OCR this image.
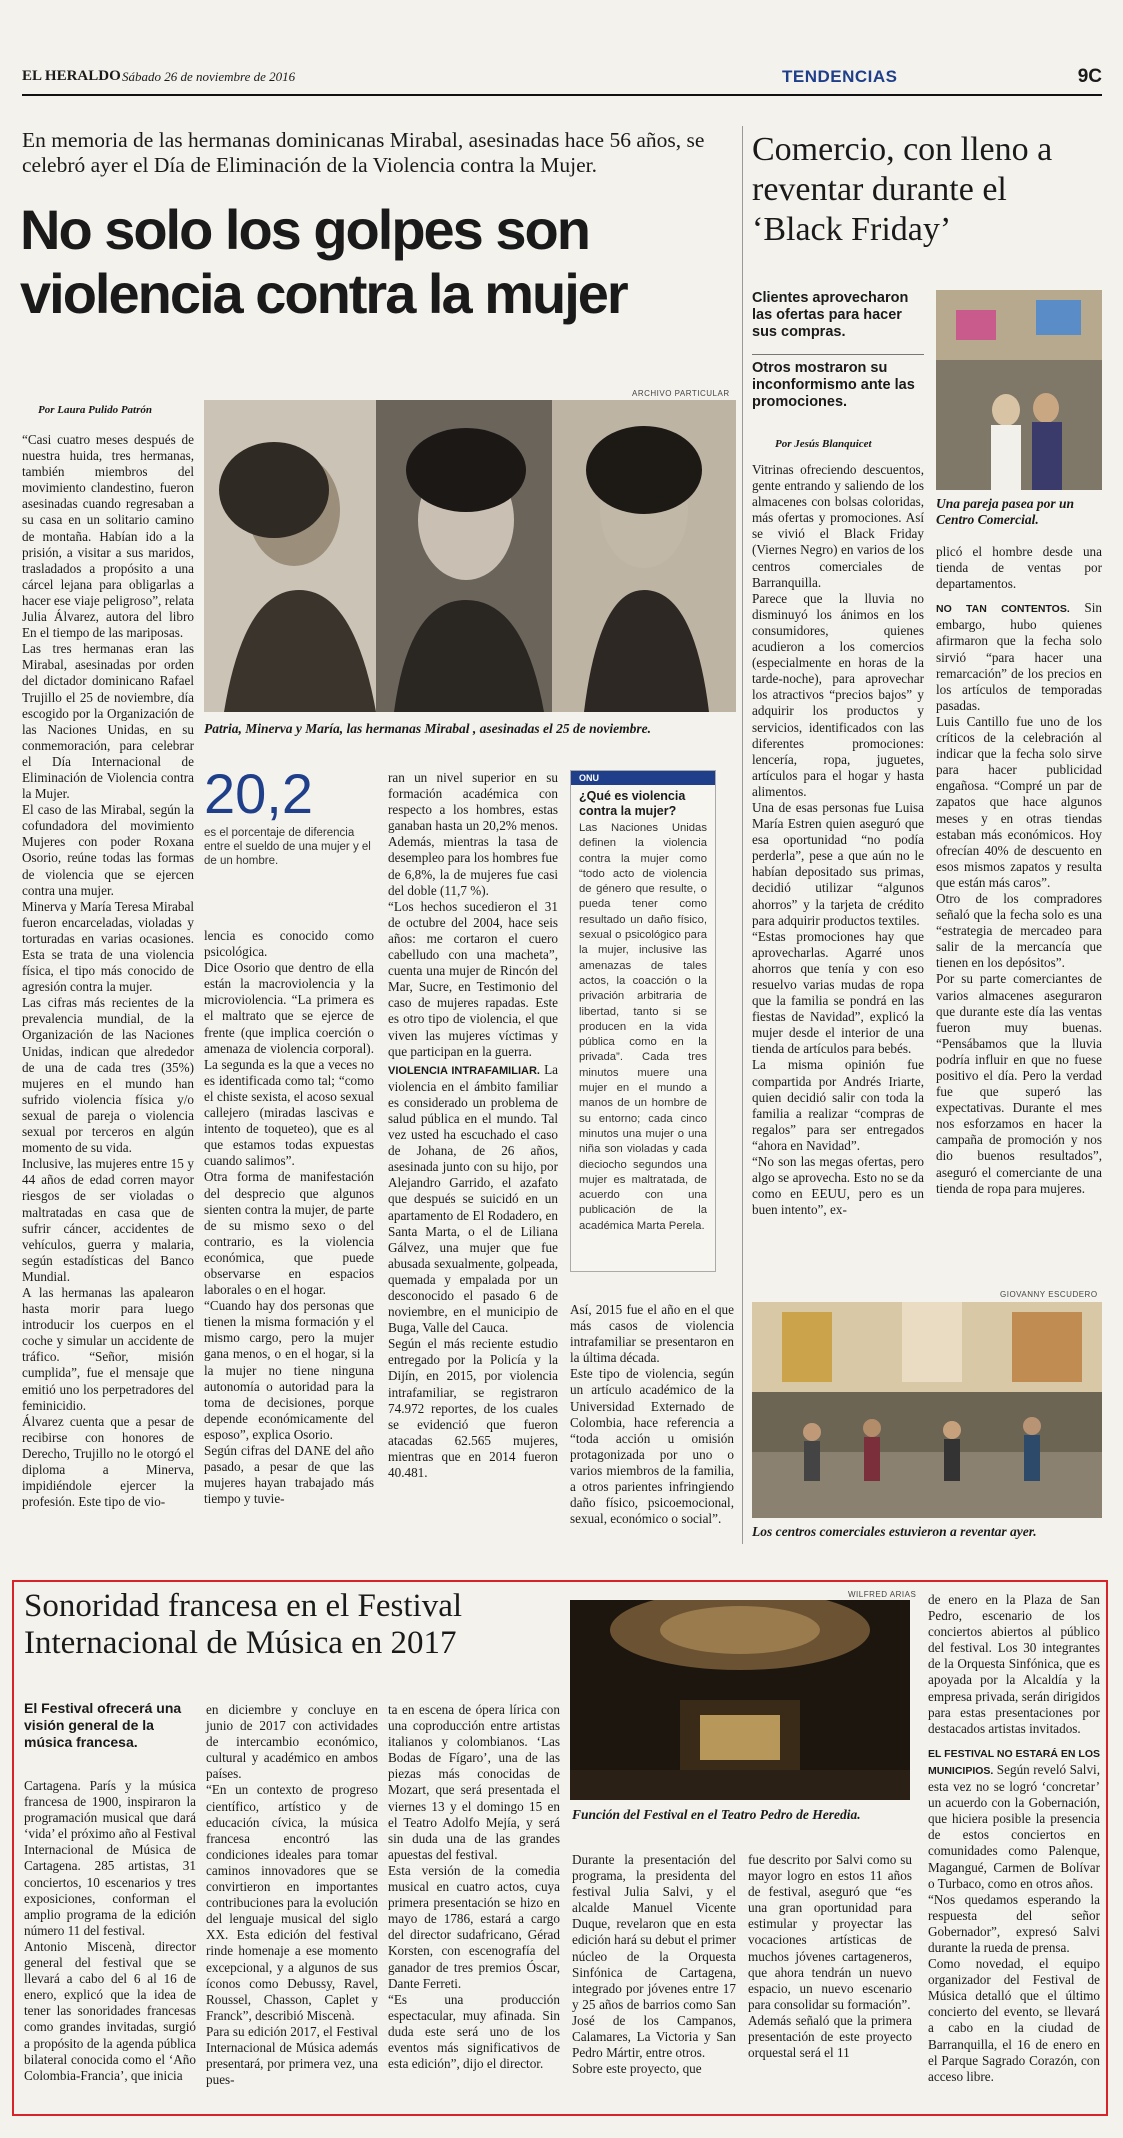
EL HERALDO Sábado 26 de noviembre de 2016	TENDENCIAS	9C
En memoria de las hermanas dominicanas Mirabal, asesinadas hace 56 años, se celebró ayer el Día de Eliminación de la Violencia contra la Mujer.
No solo los golpes son violencia contra la mujer
Por Laura Pulido Patrón
ARCHIVO PARTICULAR
Patria, Minerva y María, las hermanas Mirabal , asesinadas el 25 de noviembre.
“Casi cuatro meses después de nuestra huida, tres hermanas, también miembros del movimiento clandestino, fueron asesinadas cuando regresaban a su casa en un solitario camino de montaña. Habían ido a la prisión, a visitar a sus maridos, trasladados a propósito a una cárcel lejana para obligarlas a hacer ese viaje peligroso”, relata Julia Álvarez, autora del libro En el tiempo de las mariposas.
Las tres hermanas eran las Mirabal, asesinadas por orden del dictador dominicano Rafael Trujillo el 25 de noviembre, día escogido por la Organización de las Naciones Unidas, en su conmemoración, para celebrar el Día Internacional de Eliminación de Violencia contra la Mujer.
El caso de las Mirabal, según la cofundadora del movimiento Mujeres con poder Roxana Osorio, reúne todas las formas de violencia que se ejercen contra una mujer.
Minerva y María Teresa Mirabal fueron encarceladas, violadas y torturadas en varias ocasiones. Esta se trata de una violencia física, el tipo más conocido de agresión contra la mujer.
Las cifras más recientes de la prevalencia mundial, de la Organización de las Naciones Unidas, indican que alrededor de una de cada tres (35%) mujeres en el mundo han sufrido violencia física y/o sexual de pareja o violencia sexual por terceros en algún momento de su vida.
Inclusive, las mujeres entre 15 y 44 años de edad corren mayor riesgos de ser violadas o maltratadas en casa que de sufrir cáncer, accidentes de vehículos, guerra y malaria, según estadísticas del Banco Mundial.
A las hermanas las apalearon hasta morir para luego introducir los cuerpos en el coche y simular un accidente de tráfico. “Señor, misión cumplida”, fue el mensaje que emitió uno los perpetradores del feminicidio.
Álvarez cuenta que a pesar de recibirse con honores de Derecho, Trujillo no le otorgó el diploma a Minerva, impidiéndole ejercer la profesión. Este tipo de vio-
20,2
es el porcentaje de diferencia entre el sueldo de una mujer y el de un hombre.
lencia es conocido como psicológica.
Dice Osorio que dentro de ella están la macroviolencia y la microviolencia. “La primera es el maltrato que se ejerce de frente (que implica coerción o amenaza de violencia corporal). La segunda es la que a veces no es identificada como tal; “como el chiste sexista, el acoso sexual callejero (miradas lascivas e intento de toqueteo), que es al que estamos todas expuestas cuando salimos”.
Otra forma de manifestación del desprecio que algunos sienten contra la mujer, de parte de su mismo sexo o del contrario, es la violencia económica, que puede observarse en espacios laborales o en el hogar.
“Cuando hay dos personas que tienen la misma formación y el mismo cargo, pero la mujer gana menos, o en el hogar, si la la mujer no tiene ninguna autonomía o autoridad para la toma de decisiones, porque depende económicamente del esposo”, explica Osorio.
Según cifras del DANE del año pasado, a pesar de que las mujeres hayan trabajado más tiempo y tuvie-
ran un nivel superior en su formación académica con respecto a los hombres, estas ganaban hasta un 20,2% menos. Además, mientras la tasa de desempleo para los hombres fue de 6,8%, la de mujeres fue casi del doble (11,7 %).
“Los hechos sucedieron el 31 de octubre del 2004, hace seis años: me cortaron el cuero cabelludo con una macheta”, cuenta una mujer de Rincón del Mar, Sucre, en Testimonio del caso de mujeres rapadas. Este es otro tipo de violencia, el que viven las mujeres víctimas y que participan en la guerra.
VIOLENCIA INTRAFAMILIAR. La violencia en el ámbito familiar es considerado un problema de salud pública en el mundo. Tal vez usted ha escuchado el caso de Johana, de 26 años, asesinada junto con su hijo, por Alejandro Garrido, el azafato que después se suicidó en un apartamento de El Rodadero, en Santa Marta, o el de Liliana Gálvez, una mujer que fue abusada sexualmente, golpeada, quemada y empalada por un desconocido el pasado 6 de noviembre, en el municipio de Buga, Valle del Cauca.
Según el más reciente estudio entregado por la Policía y la Dijín, en 2015, por violencia intrafamiliar, se registraron 74.972 reportes, de los cuales se evidenció que fueron atacadas 62.565 mujeres, mientras que en 2014 fueron 40.481.
ONU
¿Qué es violencia contra la mujer?
Las Naciones Unidas definen la violencia contra la mujer como “todo acto de violencia de género que resulte, o pueda tener como resultado un daño físico, sexual o psicológico para la mujer, inclusive las amenazas de tales actos, la coacción o la privación arbitraria de libertad, tanto si se producen en la vida pública como en la privada”. Cada tres minutos muere una mujer en el mundo a manos de un hombre de su entorno; cada cinco minutos una mujer o una niña son violadas y cada dieciocho segundos una mujer es maltratada, de acuerdo con una publicación de la académica Marta Perela.
Así, 2015 fue el año en el que más casos de violencia intrafamiliar se presentaron en la última década.
Este tipo de violencia, según un artículo académico de la Universidad Externado de Colombia, hace referencia a “toda acción u omisión protagonizada por uno o varios miembros de la familia, a otros parientes infringiendo daño físico, psicoemocional, sexual, económico o social”.
Comercio, con lleno a reventar durante el ‘Black Friday’
Clientes aprovecharon las ofertas para hacer sus compras.
Otros mostraron su inconformismo ante las promociones.
Por Jesús Blanquicet
Una pareja pasea por un Centro Comercial.
Vitrinas ofreciendo descuentos, gente entrando y saliendo de los almacenes con bolsas coloridas, más ofertas y promociones. Así se vivió el Black Friday (Viernes Negro) en varios de los centros comerciales de Barranquilla.
Parece que la lluvia no disminuyó los ánimos en los consumidores, quienes acudieron a los comercios (especialmente en horas de la tarde-noche), para aprovechar los atractivos “precios bajos” y adquirir los productos y servicios, identificados con las diferentes promociones: lencería, ropa, juguetes, artículos para el hogar y hasta alimentos.
Una de esas personas fue Luisa María Estren quien aseguró que esa oportunidad “no podía perderla”, pese a que aún no le habían depositado sus primas, decidió utilizar “algunos ahorros” y la tarjeta de crédito para adquirir productos textiles.
“Estas promociones hay que aprovecharlas. Agarré unos ahorros que tenía y con eso resuelvo varias mudas de ropa que la familia se pondrá en las fiestas de Navidad”, explicó la mujer desde el interior de una tienda de artículos para bebés.
La misma opinión fue compartida por Andrés Iriarte, quien decidió salir con toda la familia a realizar “compras de regalos” para ser entregados “ahora en Navidad”.
“No son las megas ofertas, pero algo se aprovecha. Esto no se da como en EEUU, pero es un buen intento”, ex-
plicó el hombre desde una tienda de ventas por departamentos.
NO TAN CONTENTOS. Sin embargo, hubo quienes afirmaron que la fecha solo sirvió “para hacer una remarcación” de los precios en los artículos de temporadas pasadas.
Luis Cantillo fue uno de los críticos de la celebración al indicar que la fecha solo sirve para hacer publicidad engañosa. “Compré un par de zapatos que hace algunos meses y en otras tiendas estaban más económicos. Hoy ofrecían 40% de descuento en esos mismos zapatos y resulta que están más caros”.
Otro de los compradores señaló que la fecha solo es una “estrategia de mercadeo para salir de la mercancía que tienen en los depósitos”.
Por su parte comerciantes de varios almacenes aseguraron que durante este día las ventas fueron muy buenas. “Pensábamos que la lluvia podría influir en que no fuese positivo el día. Pero la verdad fue que superó las expectativas. Durante el mes nos esforzamos en hacer la campaña de promoción y nos dio buenos resultados”, aseguró el comerciante de una tienda de ropa para mujeres.
GIOVANNY ESCUDERO
Los centros comerciales estuvieron a reventar ayer.
Sonoridad francesa en el Festival Internacional de Música en 2017
El Festival ofrecerá una visión general de la música francesa.
WILFRED ARIAS
Función del Festival en el Teatro Pedro de Heredia.
Cartagena. París y la música francesa de 1900, inspiraron la programación musical que dará ‘vida’ el próximo año al Festival Internacional de Música de Cartagena. 285 artistas, 31 conciertos, 10 escenarios y tres exposiciones, conforman el amplio programa de la edición número 11 del festival.
Antonio Miscenà, director general del festival que se llevará a cabo del 6 al 16 de enero, explicó que la idea de tener las sonoridades francesas como grandes invitadas, surgió a propósito de la agenda pública bilateral conocida como el ‘Año Colombia-Francia’, que inicia
en diciembre y concluye en junio de 2017 con actividades de intercambio económico, cultural y académico en ambos países.
“En un contexto de progreso científico, artístico y de educación cívica, la música francesa encontró las condiciones ideales para tomar caminos innovadores que se convirtieron en importantes contribuciones para la evolución del lenguaje musical del siglo XX. Esta edición del festival rinde homenaje a ese momento excepcional, y a algunos de sus íconos como Debussy, Ravel, Roussel, Chasson, Caplet y Franck”, describió Miscenà.
Para su edición 2017, el Festival Internacional de Música además presentará, por primera vez, una pues-
ta en escena de ópera lírica con una coproducción entre artistas italianos y colombianos. ‘Las Bodas de Fígaro’, una de las piezas más conocidas de Mozart, que será presentada el viernes 13 y el domingo 15 en el Teatro Adolfo Mejía, y será sin duda una de las grandes apuestas del festival.
Esta versión de la comedia musical en cuatro actos, cuya primera presentación se hizo en mayo de 1786, estará a cargo del director sudafricano, Gérad Korsten, con escenografía del ganador de tres premios Óscar, Dante Ferreti.
“Es una producción espectacular, muy afinada. Sin duda este será uno de los eventos más significativos de esta edición”, dijo el director.
Durante la presentación del programa, la presidenta del festival Julia Salvi, y el alcalde Manuel Vicente Duque, revelaron que en esta edición hará su debut el primer núcleo de la Orquesta Sinfónica de Cartagena, integrado por jóvenes entre 17 y 25 años de barrios como San José de los Campanos, Calamares, La Victoria y San Pedro Mártir, entre otros.
Sobre este proyecto, que
fue descrito por Salvi como su mayor logro en estos 11 años de festival, aseguró que “es una gran oportunidad para estimular y proyectar las vocaciones artísticas de muchos jóvenes cartageneros, que ahora tendrán un nuevo espacio, un nuevo escenario para consolidar su formación”.
Además señaló que la primera presentación de este proyecto orquestal será el 11
de enero en la Plaza de San Pedro, escenario de los conciertos abiertos al público del festival. Los 30 integrantes de la Orquesta Sinfónica, que es apoyada por la Alcaldía y la empresa privada, serán dirigidos para estas presentaciones por destacados artistas invitados.
EL FESTIVAL NO ESTARÁ EN LOS MUNICIPIOS. Según reveló Salvi, esta vez no se logró ‘concretar’ un acuerdo con la Gobernación, que hiciera posible la presencia de estos conciertos en comunidades como Palenque, Magangué, Carmen de Bolívar o Turbaco, como en otros años.
“Nos quedamos esperando la respuesta del señor Gobernador”, expresó Salvi durante la rueda de prensa.
Como novedad, el equipo organizador del Festival de Música detalló que el último concierto del evento, se llevará a cabo en la ciudad de Barranquilla, el 16 de enero en el Parque Sagrado Corazón, con acceso libre.
